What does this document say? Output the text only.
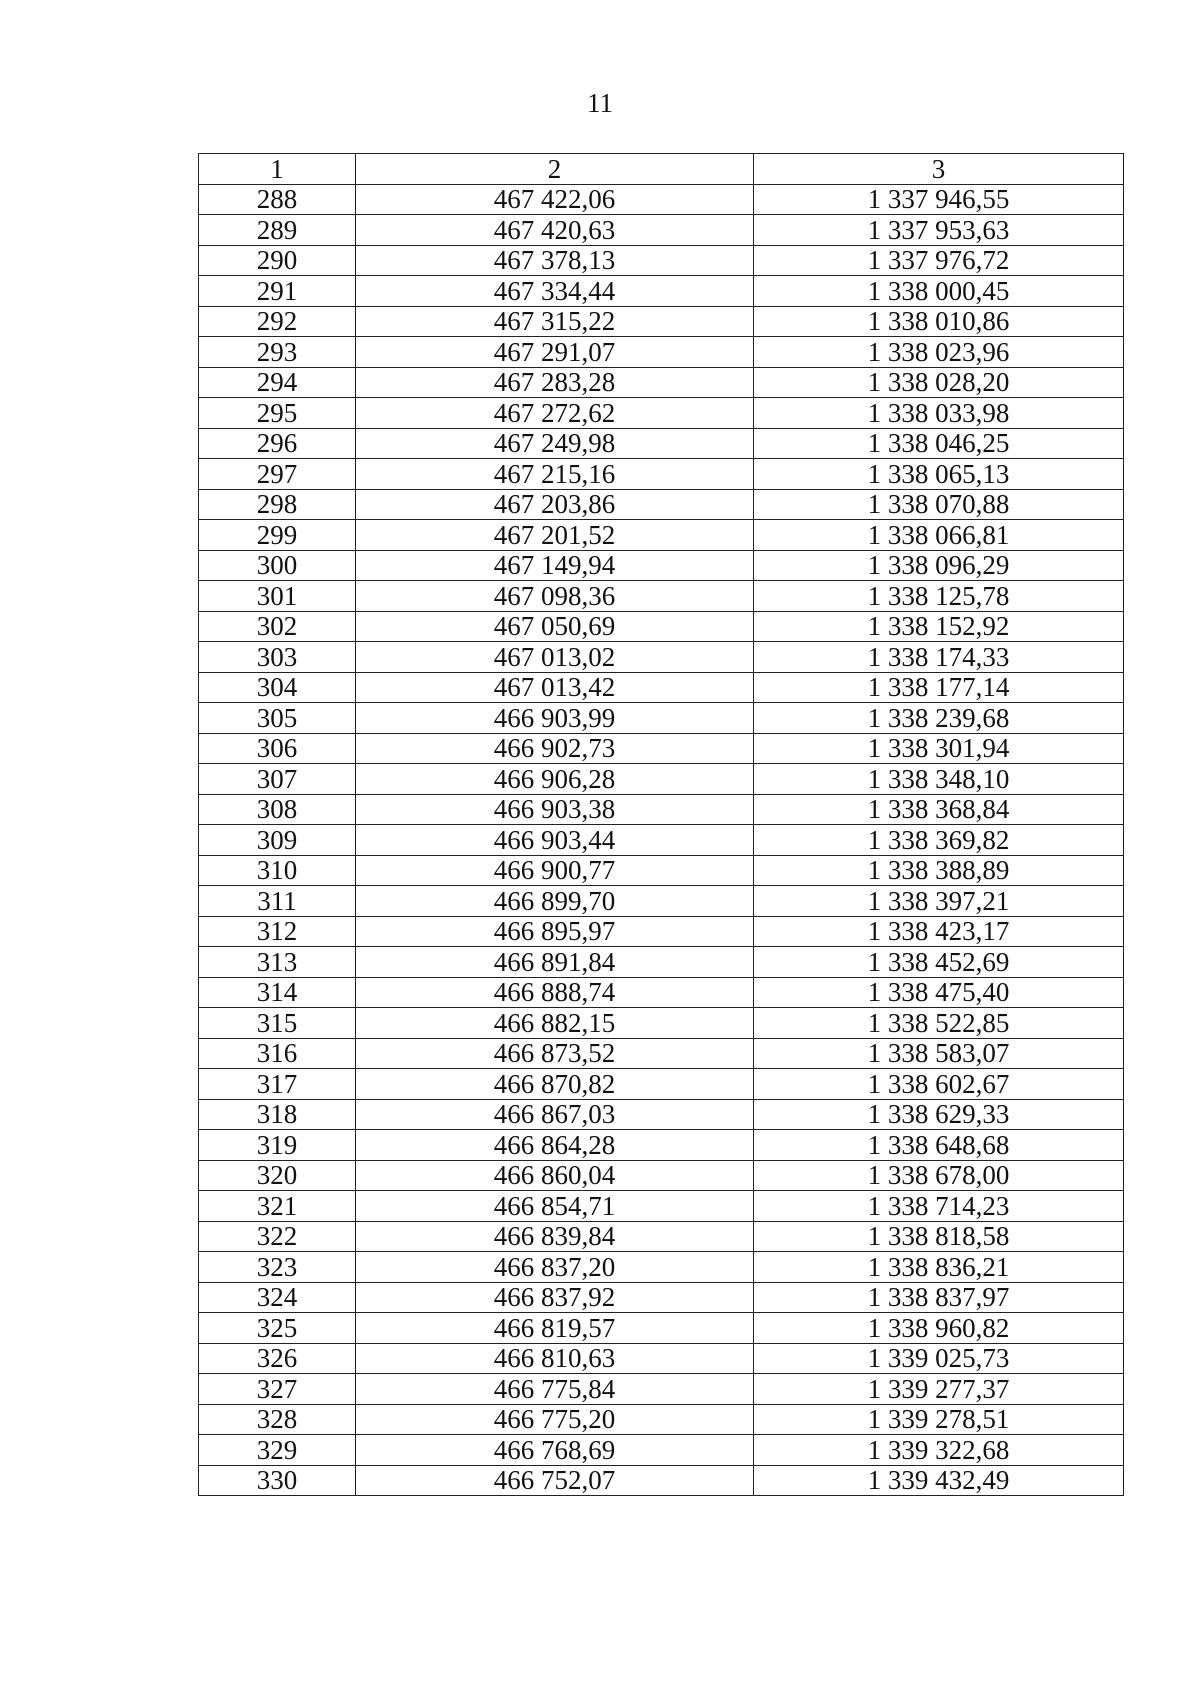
11
1	2	3
288	467 422,06	1 337 946,55
289	467 420,63	1 337 953,63
290	467 378,13	1 337 976,72
291	467 334,44	1 338 000,45
292	467 315,22	1 338 010,86
293	467 291,07	1 338 023,96
294	467 283,28	1 338 028,20
295	467 272,62	1 338 033,98
296	467 249,98	1 338 046,25
297	467 215,16	1 338 065,13
298	467 203,86	1 338 070,88
299	467 201,52	1 338 066,81
300	467 149,94	1 338 096,29
301	467 098,36	1 338 125,78
302	467 050,69	1 338 152,92
303	467 013,02	1 338 174,33
304	467 013,42	1 338 177,14
305	466 903,99	1 338 239,68
306	466 902,73	1 338 301,94
307	466 906,28	1 338 348,10
308	466 903,38	1 338 368,84
309	466 903,44	1 338 369,82
310	466 900,77	1 338 388,89
311	466 899,70	1 338 397,21
312	466 895,97	1 338 423,17
313	466 891,84	1 338 452,69
314	466 888,74	1 338 475,40
315	466 882,15	1 338 522,85
316	466 873,52	1 338 583,07
317	466 870,82	1 338 602,67
318	466 867,03	1 338 629,33
319	466 864,28	1 338 648,68
320	466 860,04	1 338 678,00
321	466 854,71	1 338 714,23
322	466 839,84	1 338 818,58
323	466 837,20	1 338 836,21
324	466 837,92	1 338 837,97
325	466 819,57	1 338 960,82
326	466 810,63	1 339 025,73
327	466 775,84	1 339 277,37
328	466 775,20	1 339 278,51
329	466 768,69	1 339 322,68
330	466 752,07	1 339 432,49
